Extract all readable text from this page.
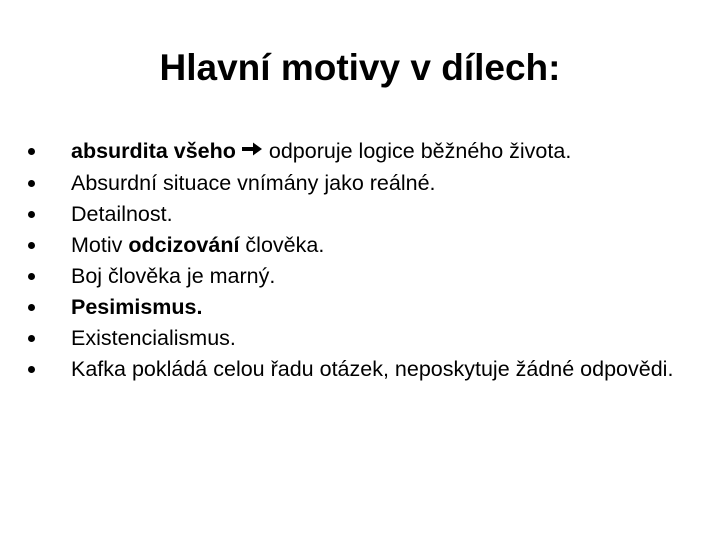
Hlavní motivy v dílech:
absurdita všeho odporuje logice běžného života.
Absurdní situace vnímány jako reálné.
Detailnost.
Motiv odcizování člověka.
Boj člověka je marný.
Pesimismus.
Existencialismus.
Kafka pokládá celou řadu otázek, neposkytuje žádné odpovědi.
